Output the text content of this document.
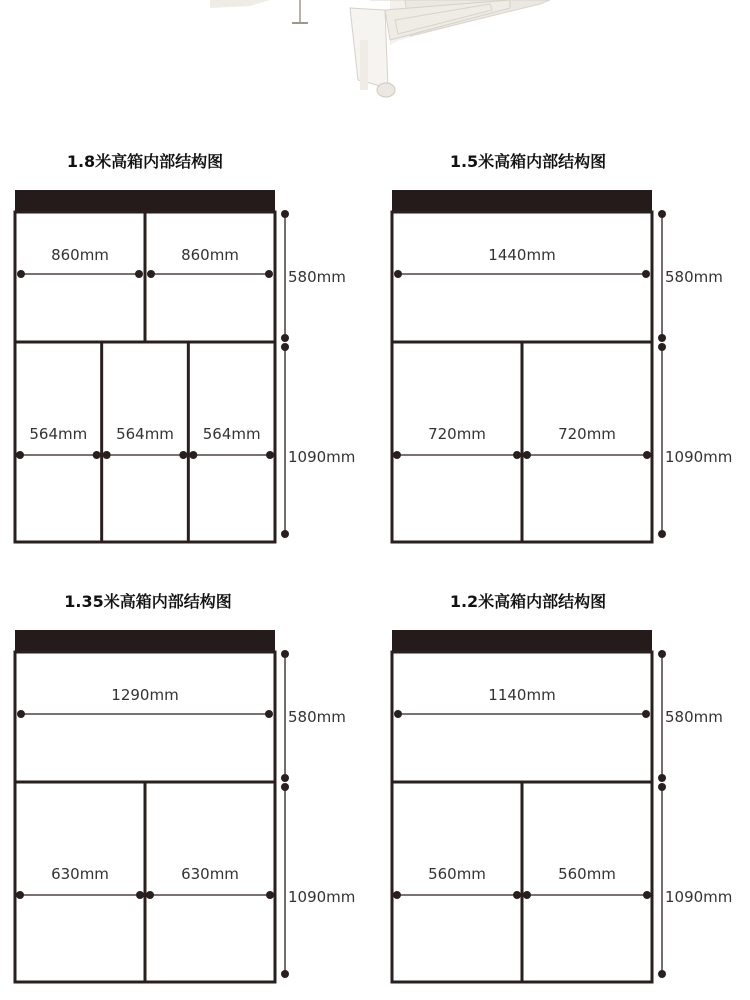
1.8米高箱内部结构图
860mm	860mm
564mm 564mm 564mm
580mm
1090mm
1.5米高箱内部结构图
1440mm
720mm	720mm
580mm
1090mm
1.35米高箱内部结构图
1290mm
630mm	630mm
580mm
1090mm
1.2米高箱内部结构图
1140mm
560mm	560mm
580mm
1090mm
